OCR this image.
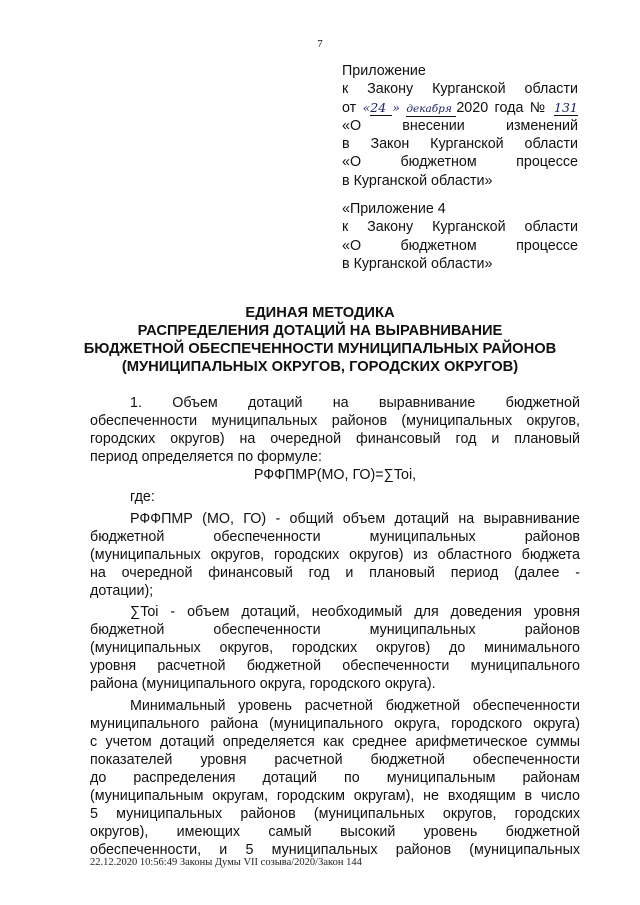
7
Приложение
к Закону Курганской области
от «24 » декабря 2020 года № 131
«О внесении изменений
в Закон Курганской области
«О бюджетном процессе
в Курганской области»
«Приложение 4
к Закону Курганской области
«О бюджетном процессе
в Курганской области»
ЕДИНАЯ МЕТОДИКА
РАСПРЕДЕЛЕНИЯ ДОТАЦИЙ НА ВЫРАВНИВАНИЕ
БЮДЖЕТНОЙ ОБЕСПЕЧЕННОСТИ МУНИЦИПАЛЬНЫХ РАЙОНОВ
(МУНИЦИПАЛЬНЫХ ОКРУГОВ, ГОРОДСКИХ ОКРУГОВ)
1. Объем дотаций на выравнивание бюджетной
обеспеченности муниципальных районов (муниципальных округов,
городских округов) на очередной финансовый год и плановый
период определяется по формуле:
РФФПМР(МО, ГО)=∑Toi,
где:
РФФПМР (МО, ГО) - общий объем дотаций на выравнивание
бюджетной обеспеченности муниципальных районов
(муниципальных округов, городских округов) из областного бюджета
на очередной финансовый год и плановый период (далее -
дотации);
∑Toi - объем дотаций, необходимый для доведения уровня
бюджетной обеспеченности муниципальных районов
(муниципальных округов, городских округов) до минимального
уровня расчетной бюджетной обеспеченности муниципального
района (муниципального округа, городского округа).
Минимальный уровень расчетной бюджетной обеспеченности
муниципального района (муниципального округа, городского округа)
с учетом дотаций определяется как среднее арифметическое суммы
показателей уровня расчетной бюджетной обеспеченности
до распределения дотаций по муниципальным районам
(муниципальным округам, городским округам), не входящим в число
5 муниципальных районов (муниципальных округов, городских
округов), имеющих самый высокий уровень бюджетной
обеспеченности, и 5 муниципальных районов (муниципальных
22.12.2020 10:56:49 Законы Думы VII созыва/2020/Закон 144
